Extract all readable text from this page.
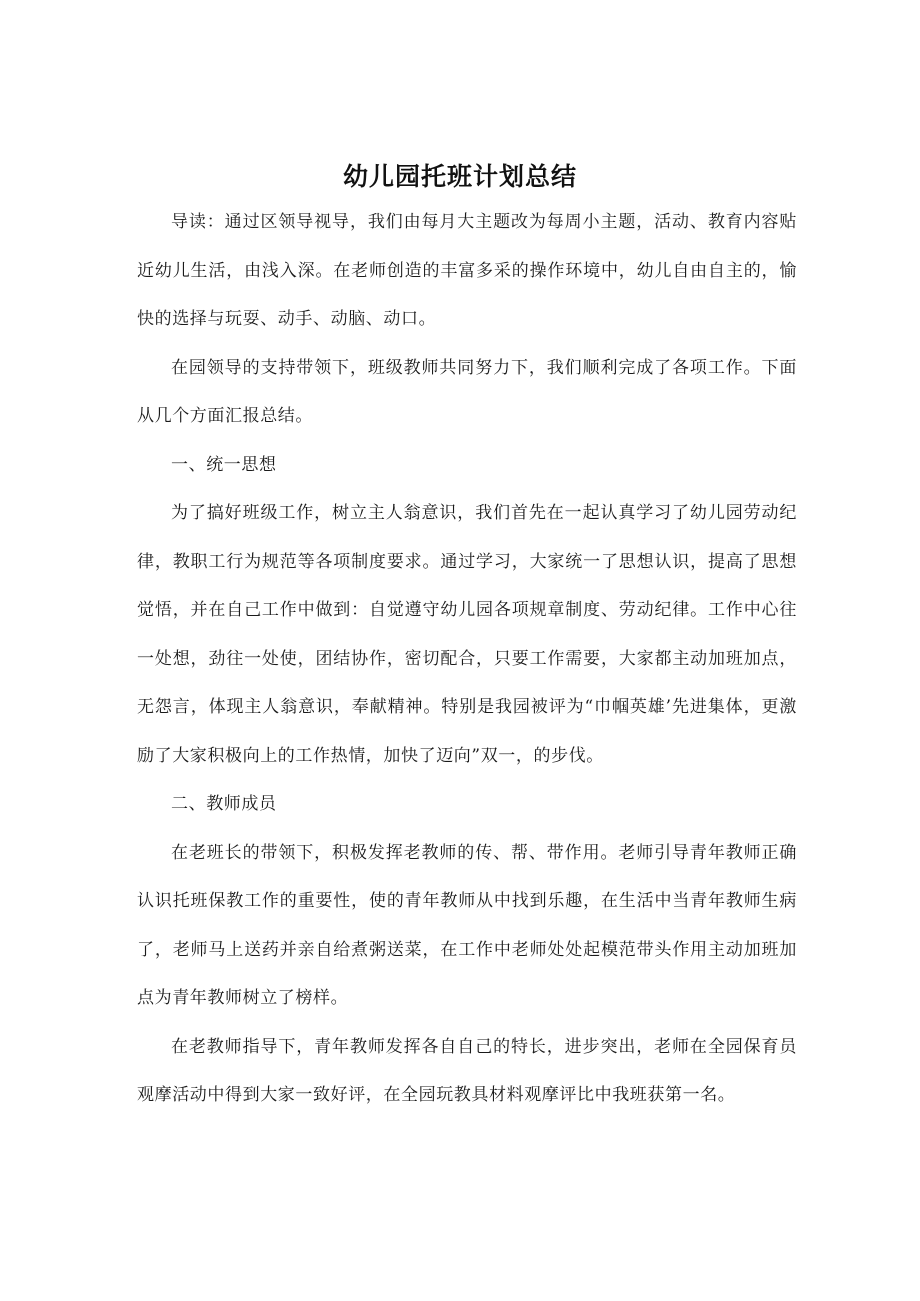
幼儿园托班计划总结

导读：通过区领导视导，我们由每月大主题改为每周小主题，活动、教育内容贴近幼儿生活，由浅入深。在老师创造的丰富多采的操作环境中，幼儿自由自主的，愉快的选择与玩耍、动手、动脑、动口。

在园领导的支持带领下，班级教师共同努力下，我们顺利完成了各项工作。下面从几个方面汇报总结。

一、统一思想

为了搞好班级工作，树立主人翁意识，我们首先在一起认真学习了幼儿园劳动纪律，教职工行为规范等各项制度要求。通过学习，大家统一了思想认识，提高了思想觉悟，并在自己工作中做到：自觉遵守幼儿园各项规章制度、劳动纪律。工作中心往一处想，劲往一处使，团结协作，密切配合，只要工作需要，大家都主动加班加点，无怨言，体现主人翁意识，奉献精神。特别是我园被评为“巾帼英雄’先进集体，更激励了大家积极向上的工作热情，加快了迈向”双一，的步伐。

二、教师成员

在老班长的带领下，积极发挥老教师的传、帮、带作用。老师引导青年教师正确认识托班保教工作的重要性，使的青年教师从中找到乐趣，在生活中当青年教师生病了，老师马上送药并亲自给煮粥送菜，在工作中老师处处起模范带头作用主动加班加点为青年教师树立了榜样。

在老教师指导下，青年教师发挥各自自己的特长，进步突出，老师在全园保育员观摩活动中得到大家一致好评，在全园玩教具材料观摩评比中我班获第一名。
